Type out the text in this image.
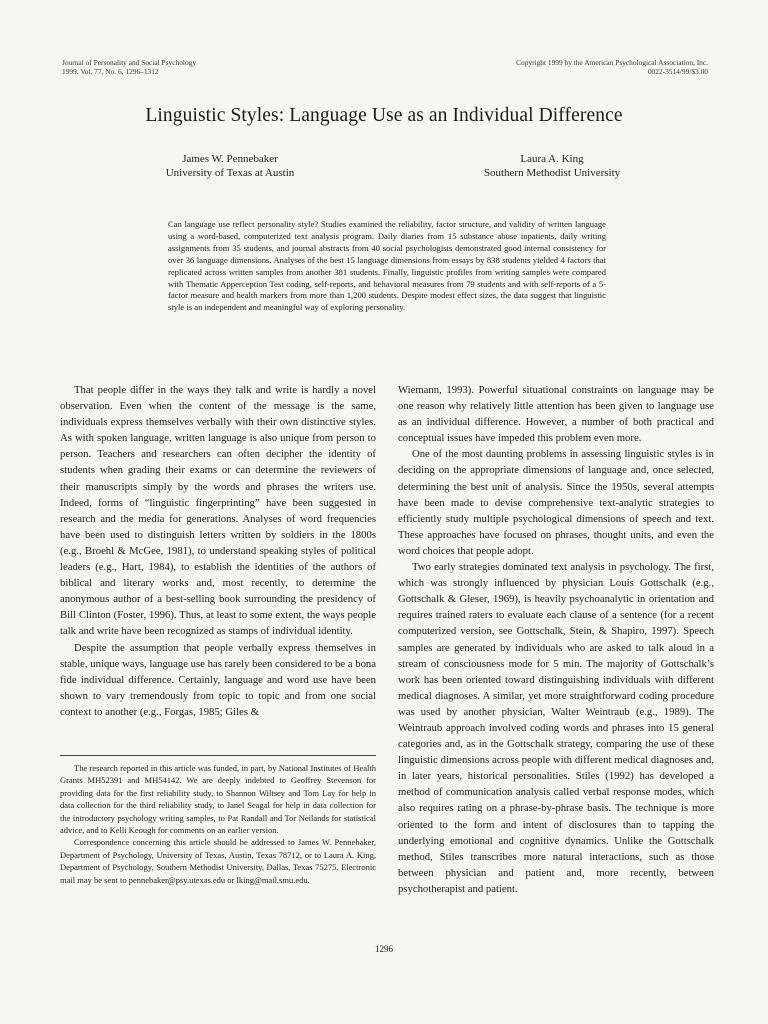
Journal of Personality and Social Psychology
1999, Vol. 77, No. 6, 1296–1312
Copyright 1999 by the American Psychological Association, Inc.
0022-3514/99/$3.00
Linguistic Styles: Language Use as an Individual Difference
James W. Pennebaker
University of Texas at Austin
Laura A. King
Southern Methodist University
Can language use reflect personality style? Studies examined the reliability, factor structure, and validity of written language using a word-based, computerized text analysis program. Daily diaries from 15 substance abuse inpatients, daily writing assignments from 35 students, and journal abstracts from 40 social psychologists demonstrated good internal consistency for over 36 language dimensions. Analyses of the best 15 language dimensions from essays by 838 students yielded 4 factors that replicated across written samples from another 381 students. Finally, linguistic profiles from writing samples were compared with Thematic Apperception Test coding, self-reports, and behavioral measures from 79 students and with self-reports of a 5-factor measure and health markers from more than 1,200 students. Despite modest effect sizes, the data suggest that linguistic style is an independent and meaningful way of exploring personality.

That people differ in the ways they talk and write is hardly a novel observation. Even when the content of the message is the same, individuals express themselves verbally with their own distinctive styles. As with spoken language, written language is also unique from person to person. Teachers and researchers can often decipher the identity of students when grading their exams or can determine the reviewers of their manuscripts simply by the words and phrases the writers use. Indeed, forms of “linguistic fingerprinting” have been suggested in research and the media for generations. Analyses of word frequencies have been used to distinguish letters written by soldiers in the 1800s (e.g., Broehl & McGee, 1981), to understand speaking styles of political leaders (e.g., Hart, 1984), to establish the identities of the authors of biblical and literary works and, most recently, to determine the anonymous author of a best-selling book surrounding the presidency of Bill Clinton (Foster, 1996). Thus, at least to some extent, the ways people talk and write have been recognized as stamps of individual identity.

Despite the assumption that people verbally express themselves in stable, unique ways, language use has rarely been considered to be a bona fide individual difference. Certainly, language and word use have been shown to vary tremendously from topic to topic and from one social context to another (e.g., Forgas, 1985; Giles &

The research reported in this article was funded, in part, by National Institutes of Health Grants MH52391 and MH54142. We are deeply indebted to Geoffrey Stevenson for providing data for the first reliability study, to Shannon Wiltsey and Tom Lay for help in data collection for the third reliability study, to Janel Seagal for help in data collection for the introductory psychology writing samples, to Pat Randall and Tor Neilands for statistical advice, and to Kelli Keough for comments on an earlier version.

Correspondence concerning this article should be addressed to James W. Pennebaker, Department of Psychology, University of Texas, Austin, Texas 78712, or to Laura A. King, Department of Psychology, Southern Methodist University, Dallas, Texas 75275. Electronic mail may be sent to pennebaker@psy.utexas.edu or lking@mail.smu.edu.

Wiemann, 1993). Powerful situational constraints on language may be one reason why relatively little attention has been given to language use as an individual difference. However, a number of both practical and conceptual issues have impeded this problem even more.

One of the most daunting problems in assessing linguistic styles is in deciding on the appropriate dimensions of language and, once selected, determining the best unit of analysis. Since the 1950s, several attempts have been made to devise comprehensive text-analytic strategies to efficiently study multiple psychological dimensions of speech and text. These approaches have focused on phrases, thought units, and even the word choices that people adopt.

Two early strategies dominated text analysis in psychology. The first, which was strongly influenced by physician Louis Gottschalk (e.g., Gottschalk & Gleser, 1969), is heavily psychoanalytic in orientation and requires trained raters to evaluate each clause of a sentence (for a recent computerized version, see Gottschalk, Stein, & Shapiro, 1997). Speech samples are generated by individuals who are asked to talk aloud in a stream of consciousness mode for 5 min. The majority of Gottschalk’s work has been oriented toward distinguishing individuals with different medical diagnoses. A similar, yet more straightforward coding procedure was used by another physician, Walter Weintraub (e.g., 1989). The Weintraub approach involved coding words and phrases into 15 general categories and, as in the Gottschalk strategy, comparing the use of these linguistic dimensions across people with different medical diagnoses and, in later years, historical personalities. Stiles (1992) has developed a method of communication analysis called verbal response modes, which also requires rating on a phrase-by-phrase basis. The technique is more oriented to the form and intent of disclosures than to tapping the underlying emotional and cognitive dynamics. Unlike the Gottschalk method, Stiles transcribes more natural interactions, such as those between physician and patient and, more recently, between psychotherapist and patient.

1296
